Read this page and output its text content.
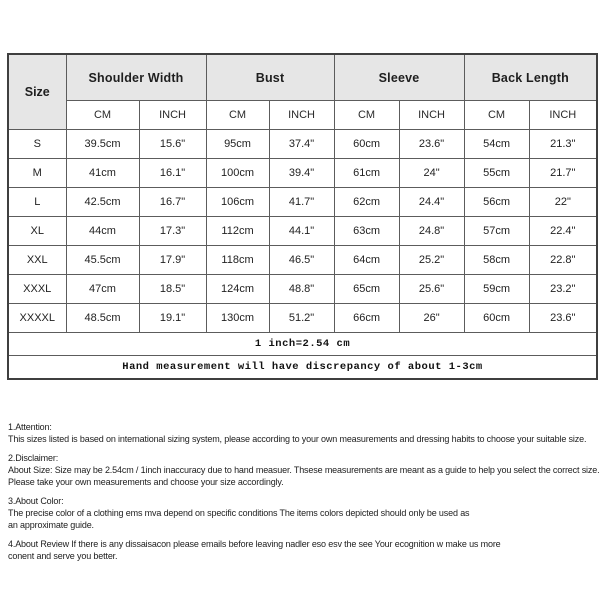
Size	Shoulder Width		Bust		Sleeve		Back Length	
	CM	INCH	CM	INCH	CM	INCH	CM	INCH
S	39.5cm	15.6"	95cm	37.4"	60cm	23.6"	54cm	21.3"
M	41cm	16.1"	100cm	39.4"	61cm	24"	55cm	21.7"
L	42.5cm	16.7"	106cm	41.7"	62cm	24.4"	56cm	22"
XL	44cm	17.3"	112cm	44.1"	63cm	24.8"	57cm	22.4"
XXL	45.5cm	17.9"	118cm	46.5"	64cm	25.2"	58cm	22.8"
XXXL	47cm	18.5"	124cm	48.8"	65cm	25.6"	59cm	23.2"
XXXXL	48.5cm	19.1"	130cm	51.2"	66cm	26"	60cm	23.6"
1 inch=2.54 cm								
Hand measurement will have discrepancy of about 1-3cm								
1.Attention:
This sizes listed is based on international sizing system, please according to your own measurements and dressing habits to choose your suitable size.
2.Disclaimer:
About Size: Size may be 2.54cm / 1inch inaccuracy due to hand measuer. Thsese measurements are meant as a guide to help you select the correct size.
Please take your own measurements and choose your size accordingly.
3.About Color:
The precise color of a clothing ems mva depend on specific conditions The items colors depicted should only be used as
an approximate guide.
4.About Review If there is any dissaisacon please emails before leaving nadler eso esv the see Your ecognition w make us more
conent and serve you better.
